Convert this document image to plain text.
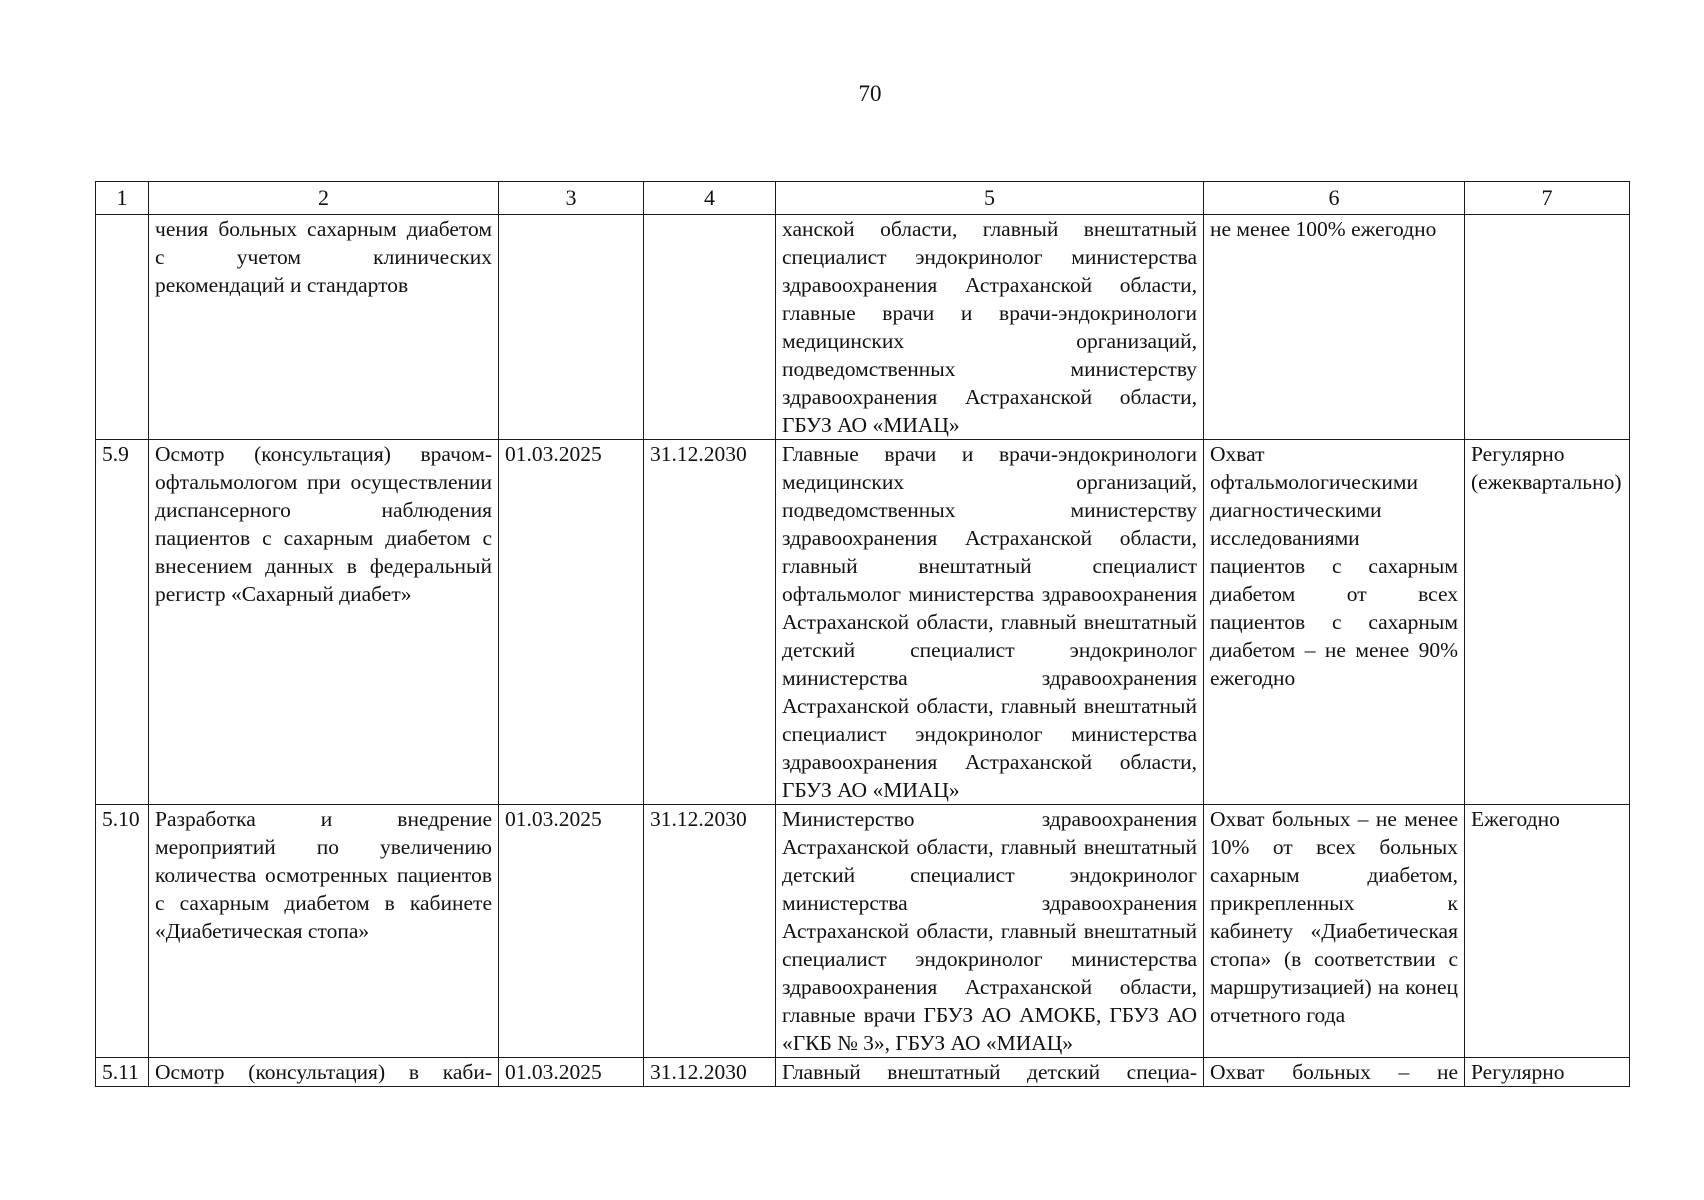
70
1	2	3	4	5	6	7
	чения больных сахарным диабетом с учетом клинических рекомендаций и стандартов			ханской области, главный внештатный специалист эндокринолог министерства здравоохранения Астраханской области, главные врачи и врачи-эндокринологи медицинских организаций, подведомственных министерству здравоохранения Астраханской области, ГБУЗ АО «МИАЦ»	не менее 100% ежегодно	
5.9	Осмотр (консультация) врачом-офтальмологом при осуществлении диспансерного наблюдения пациентов с сахарным диабетом с внесением данных в федеральный регистр «Сахарный диабет»	01.03.2025	31.12.2030	Главные врачи и врачи-эндокринологи медицинских организаций, подведомственных министерству здравоохранения Астраханской области, главный внештатный специалист офтальмолог министерства здравоохранения Астраханской области, главный внештатный детский специалист эндокринолог министерства здравоохранения Астраханской области, главный внештатный специалист эндокринолог министерства здравоохранения Астраханской области, ГБУЗ АО «МИАЦ»	Охват офтальмологическими диагностическими исследованиями пациентов с сахарным диабетом от всех пациентов с сахарным диабетом – не менее 90% ежегодно	Регулярно (ежеквартально)
5.10	Разработка и внедрение мероприятий по увеличению количества осмотренных пациентов с сахарным диабетом в кабинете «Диабетическая стопа»	01.03.2025	31.12.2030	Министерство здравоохранения Астраханской области, главный внештатный детский специалист эндокринолог министерства здравоохранения Астраханской области, главный внештатный специалист эндокринолог министерства здравоохранения Астраханской области, главные врачи ГБУЗ АО АМОКБ, ГБУЗ АО «ГКБ № 3», ГБУЗ АО «МИАЦ»	Охват больных – не менее 10% от всех больных сахарным диабетом, прикрепленных к кабинету «Диабетическая стопа» (в соответствии с маршрутизацией) на конец отчетного года	Ежегодно
5.11	Осмотр (консультация) в каби-	01.03.2025	31.12.2030	Главный внештатный детский специа-	Охват больных – не	Регулярно
